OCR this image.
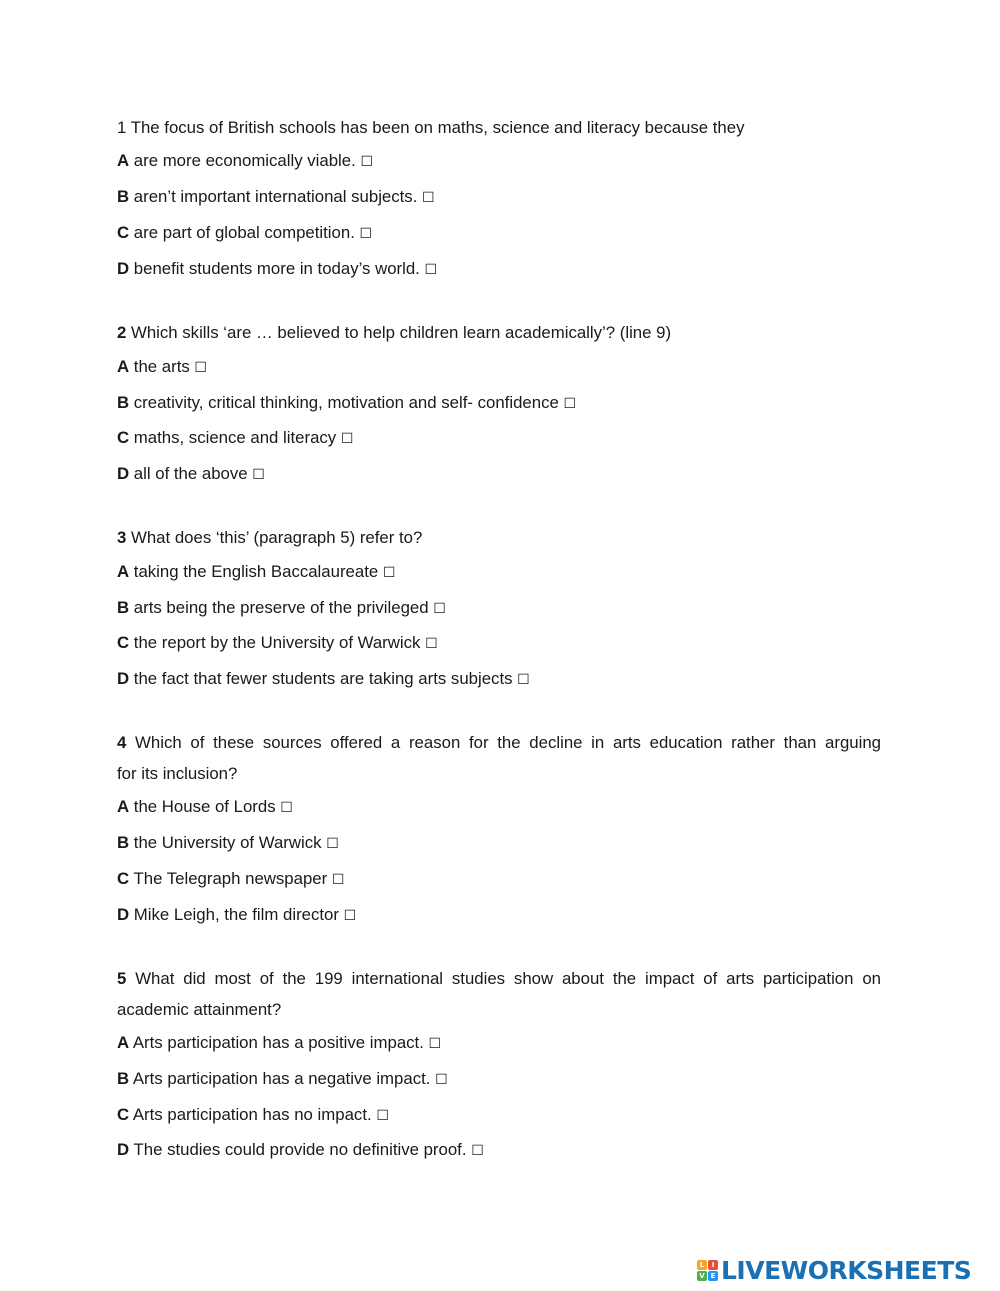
1 The focus of British schools has been on maths, science and literacy because they
A are more economically viable. ☐
B aren’t important international subjects. ☐
C are part of global competition. ☐
D benefit students more in today’s world. ☐
2 Which skills ‘are … believed to help children learn academically’? (line 9)
A the arts ☐
B creativity, critical thinking, motivation and self- confidence ☐
C maths, science and literacy ☐
D all of the above ☐
3 What does ‘this’ (paragraph 5) refer to?
A taking the English Baccalaureate ☐
B arts being the preserve of the privileged ☐
C the report by the University of Warwick ☐
D the fact that fewer students are taking arts subjects ☐
4 Which of these sources offered a reason for the decline in arts education rather than arguing
for its inclusion?
A the House of Lords ☐
B the University of Warwick ☐
C The Telegraph newspaper ☐
D Mike Leigh, the film director ☐
5 What did most of the 199 international studies show about the impact of arts participation on
academic attainment?
A Arts participation has a positive impact. ☐
B Arts participation has a negative impact. ☐
C Arts participation has no impact. ☐
D The studies could provide no definitive proof. ☐
L	I
V E LIVEWORKSHEETS
